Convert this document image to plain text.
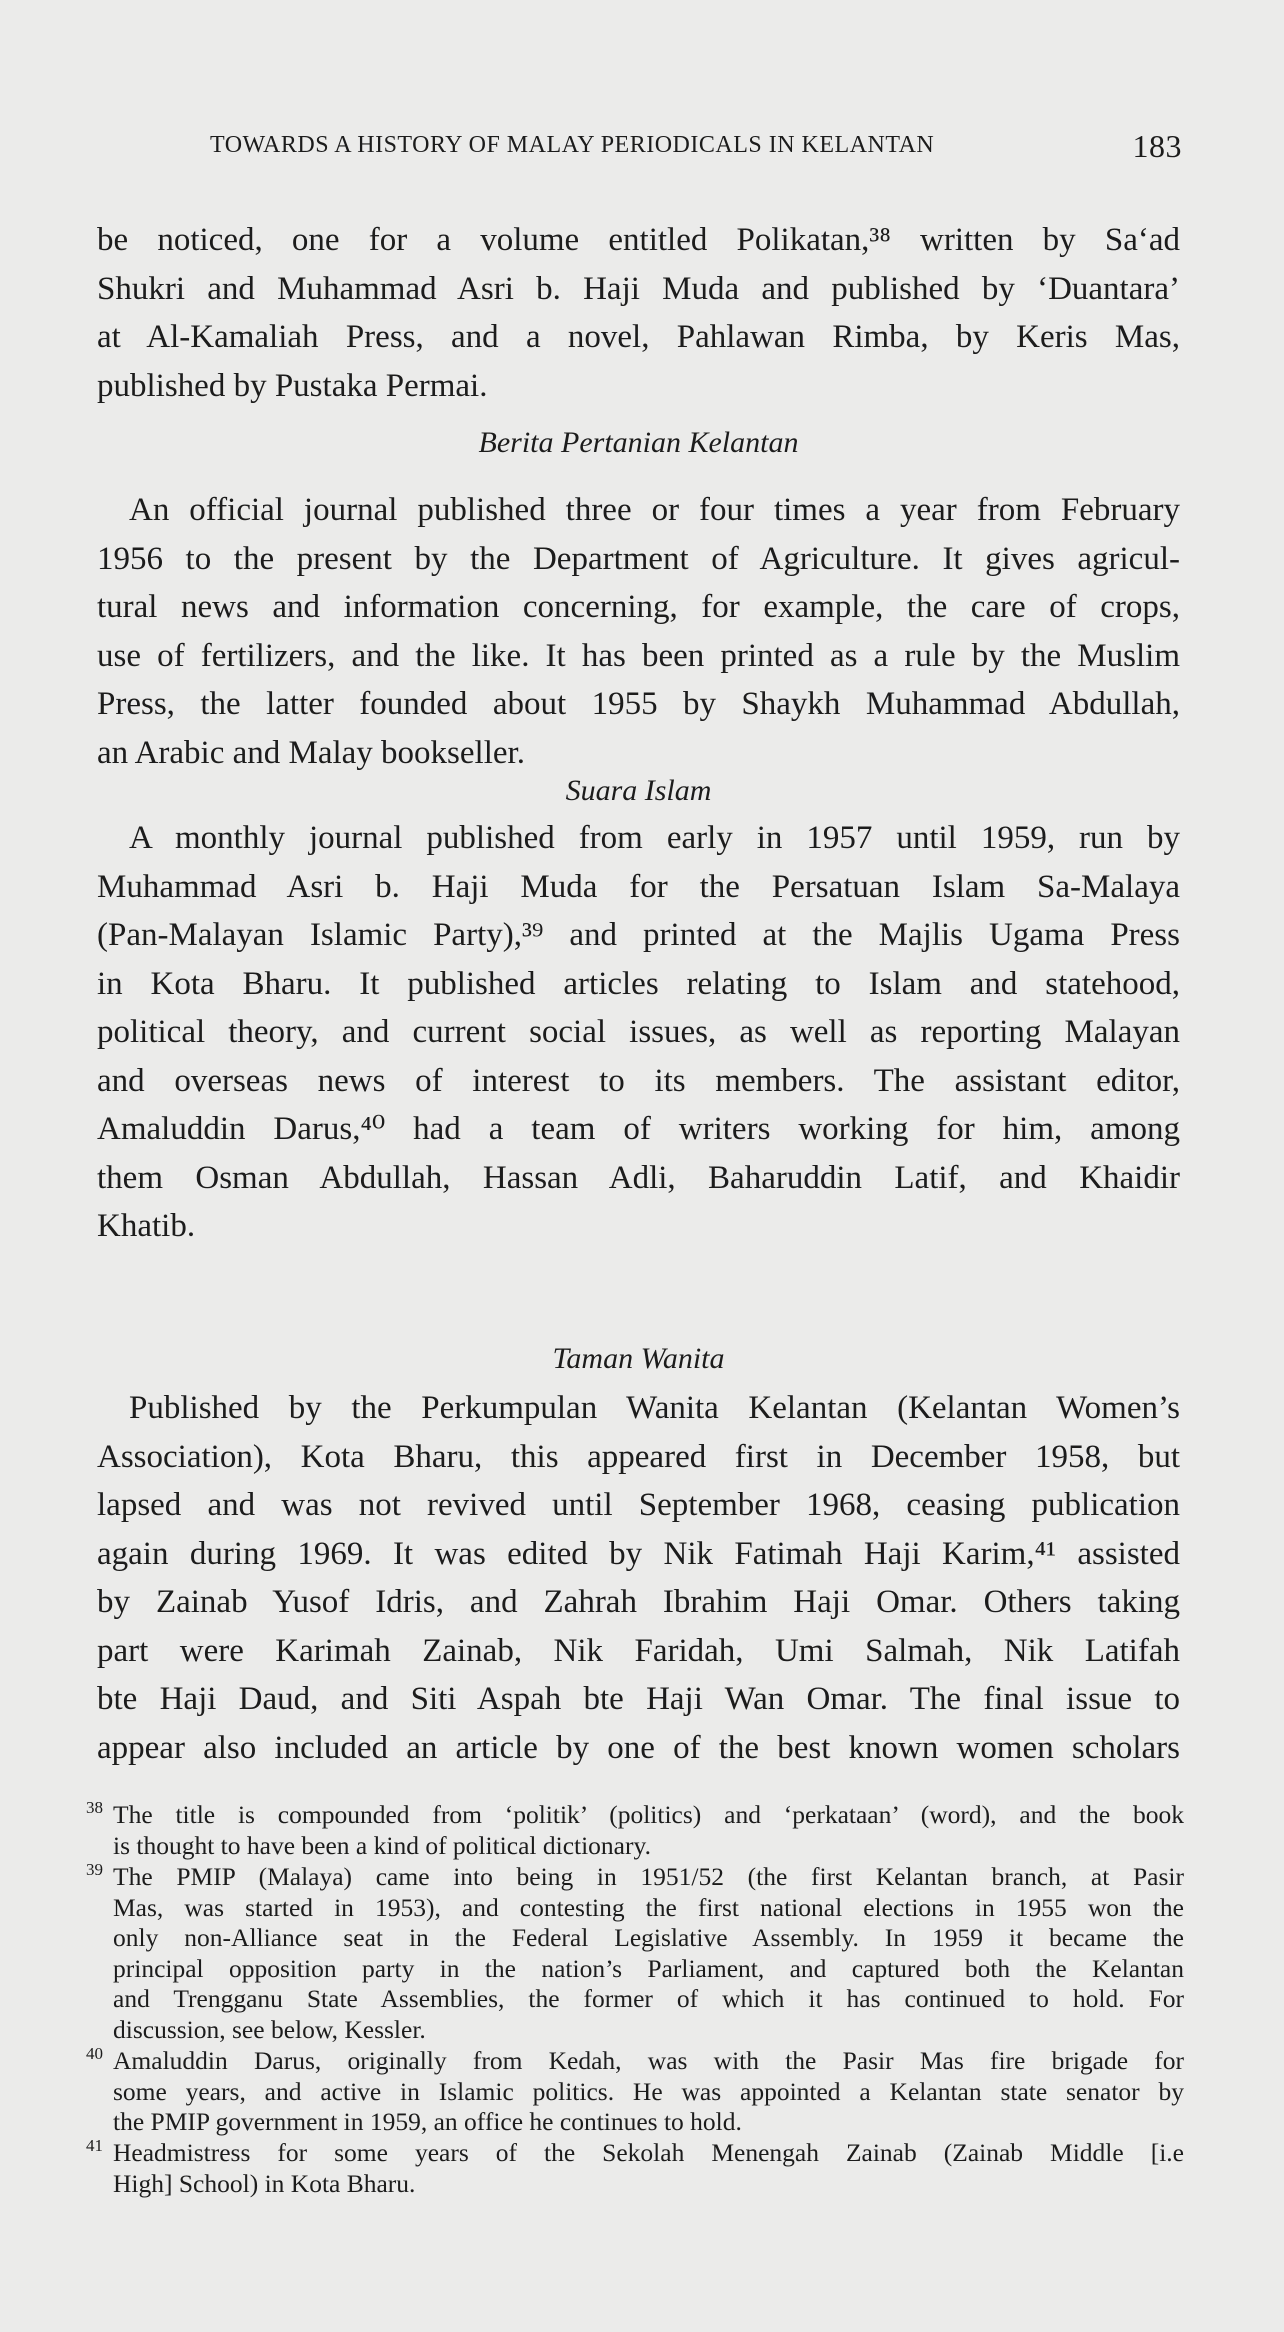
TOWARDS A HISTORY OF MALAY PERIODICALS IN KELANTAN	183
be noticed, one for a volume entitled Polikatan,³⁸ written by Sa‘ad
Shukri and Muhammad Asri b. Haji Muda and published by ‘Duantara’
at Al-Kamaliah Press, and a novel, Pahlawan Rimba, by Keris Mas,
published by Pustaka Permai.
Berita Pertanian Kelantan
An official journal published three or four times a year from February
1956 to the present by the Department of Agriculture. It gives agricul-
tural news and information concerning, for example, the care of crops,
use of fertilizers, and the like. It has been printed as a rule by the Muslim
Press, the latter founded about 1955 by Shaykh Muhammad Abdullah,
an Arabic and Malay bookseller.
Suara Islam
A monthly journal published from early in 1957 until 1959, run by
Muhammad Asri b. Haji Muda for the Persatuan Islam Sa-Malaya
(Pan-Malayan Islamic Party),³⁹ and printed at the Majlis Ugama Press
in Kota Bharu. It published articles relating to Islam and statehood,
political theory, and current social issues, as well as reporting Malayan
and overseas news of interest to its members. The assistant editor,
Amaluddin Darus,⁴⁰ had a team of writers working for him, among
them Osman Abdullah, Hassan Adli, Baharuddin Latif, and Khaidir
Khatib.
Taman Wanita
Published by the Perkumpulan Wanita Kelantan (Kelantan Women’s
Association), Kota Bharu, this appeared first in December 1958, but
lapsed and was not revived until September 1968, ceasing publication
again during 1969. It was edited by Nik Fatimah Haji Karim,⁴¹ assisted
by Zainab Yusof Idris, and Zahrah Ibrahim Haji Omar. Others taking
part were Karimah Zainab, Nik Faridah, Umi Salmah, Nik Latifah
bte Haji Daud, and Siti Aspah bte Haji Wan Omar. The final issue to
appear also included an article by one of the best known women scholars
38 The title is compounded from ‘politik’ (politics) and ‘perkataan’ (word), and the book
is thought to have been a kind of political dictionary.
39 The PMIP (Malaya) came into being in 1951/52 (the first Kelantan branch, at Pasir
Mas, was started in 1953), and contesting the first national elections in 1955 won the
only non-Alliance seat in the Federal Legislative Assembly. In 1959 it became the
principal opposition party in the nation’s Parliament, and captured both the Kelantan
and Trengganu State Assemblies, the former of which it has continued to hold. For
discussion, see below, Kessler.
40 Amaluddin Darus, originally from Kedah, was with the Pasir Mas fire brigade for
some years, and active in Islamic politics. He was appointed a Kelantan state senator by
the PMIP government in 1959, an office he continues to hold.
41 Headmistress for some years of the Sekolah Menengah Zainab (Zainab Middle [i.e
High] School) in Kota Bharu.
